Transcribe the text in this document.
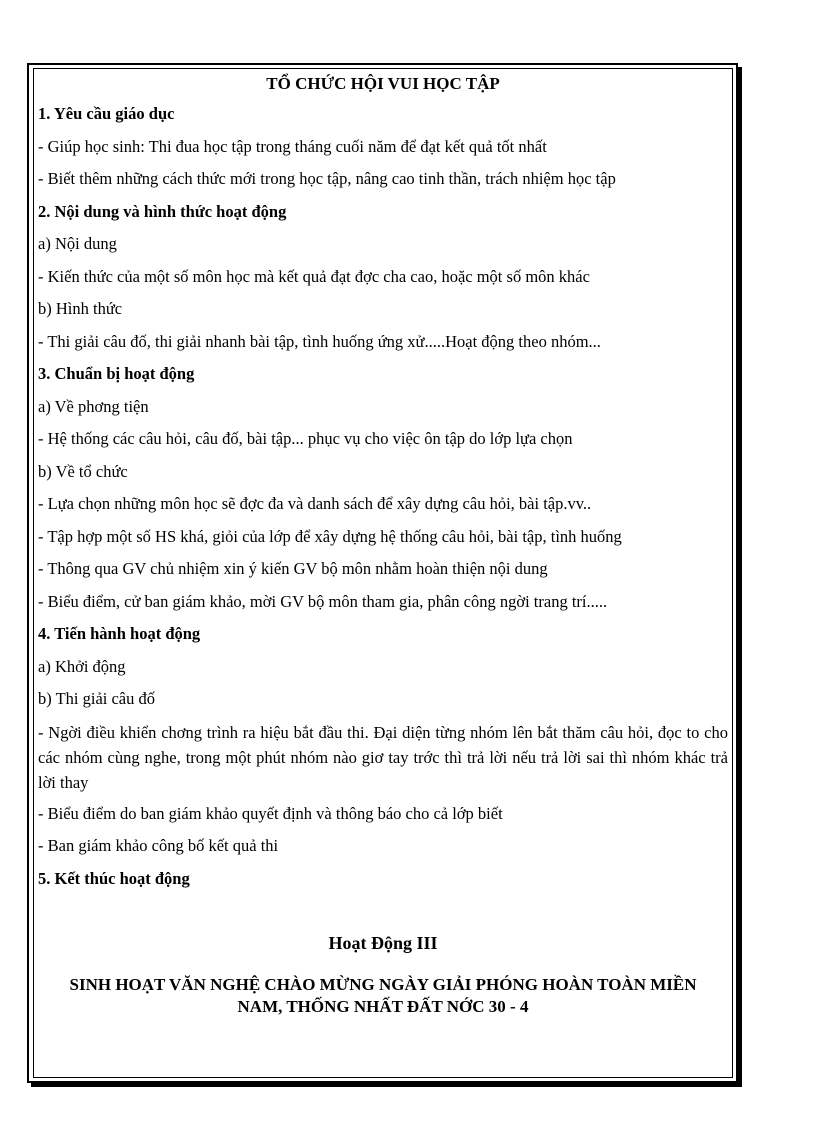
TỔ CHỨC HỘI VUI HỌC TẬP
1. Yêu cầu giáo dục
- Giúp học sinh: Thi đua học tập trong tháng cuối năm để đạt kết quả tốt nhất
- Biết thêm những cách thức mới trong học tập, nâng cao tinh thần, trách nhiệm học tập
2. Nội dung và hình thức hoạt động
a) Nội dung
- Kiến thức của một số môn học mà kết quả đạt đợc cha cao, hoặc một số môn khác
b) Hình thức
- Thi giải câu đố, thi giải nhanh bài tập, tình huống ứng xử.....Hoạt động theo nhóm...
3. Chuẩn bị hoạt động
a) Về phơng tiện
- Hệ thống các câu hỏi, câu đố, bài tập... phục vụ cho việc ôn tập do lớp lựa chọn
b) Về tổ chức
- Lựa chọn những môn học sẽ đợc đa và danh sách để xây dựng câu hỏi, bài tập.vv..
- Tập hợp một số HS khá, giỏi của lớp để xây dựng hệ thống câu hỏi, bài tập, tình huống
- Thông qua GV chủ nhiệm xin ý kiến GV bộ môn nhằm hoàn thiện nội dung
- Biểu điểm, cử ban giám khảo, mời GV bộ môn tham gia, phân công ngời trang trí.....
4. Tiến hành hoạt động
a) Khởi động
b) Thi giải câu đố
- Ngời điều khiển chơng trình ra hiệu bắt đầu thi. Đại diện từng nhóm lên bắt thăm câu hỏi, đọc to cho các nhóm cùng nghe, trong một phút nhóm nào giơ tay trớc thì trả lời nếu trả lời sai thì nhóm khác trả lời thay
- Biểu điểm do ban giám khảo quyết định và thông báo cho cả lớp biết
- Ban giám khảo công bố kết quả thi
5. Kết thúc hoạt động
Hoạt Động III
SINH HOẠT VĂN NGHỆ CHÀO MỪNG NGÀY GIẢI PHÓNG HOÀN TOÀN MIỀN NAM, THỐNG NHẤT ĐẤT NỚC 30 - 4
